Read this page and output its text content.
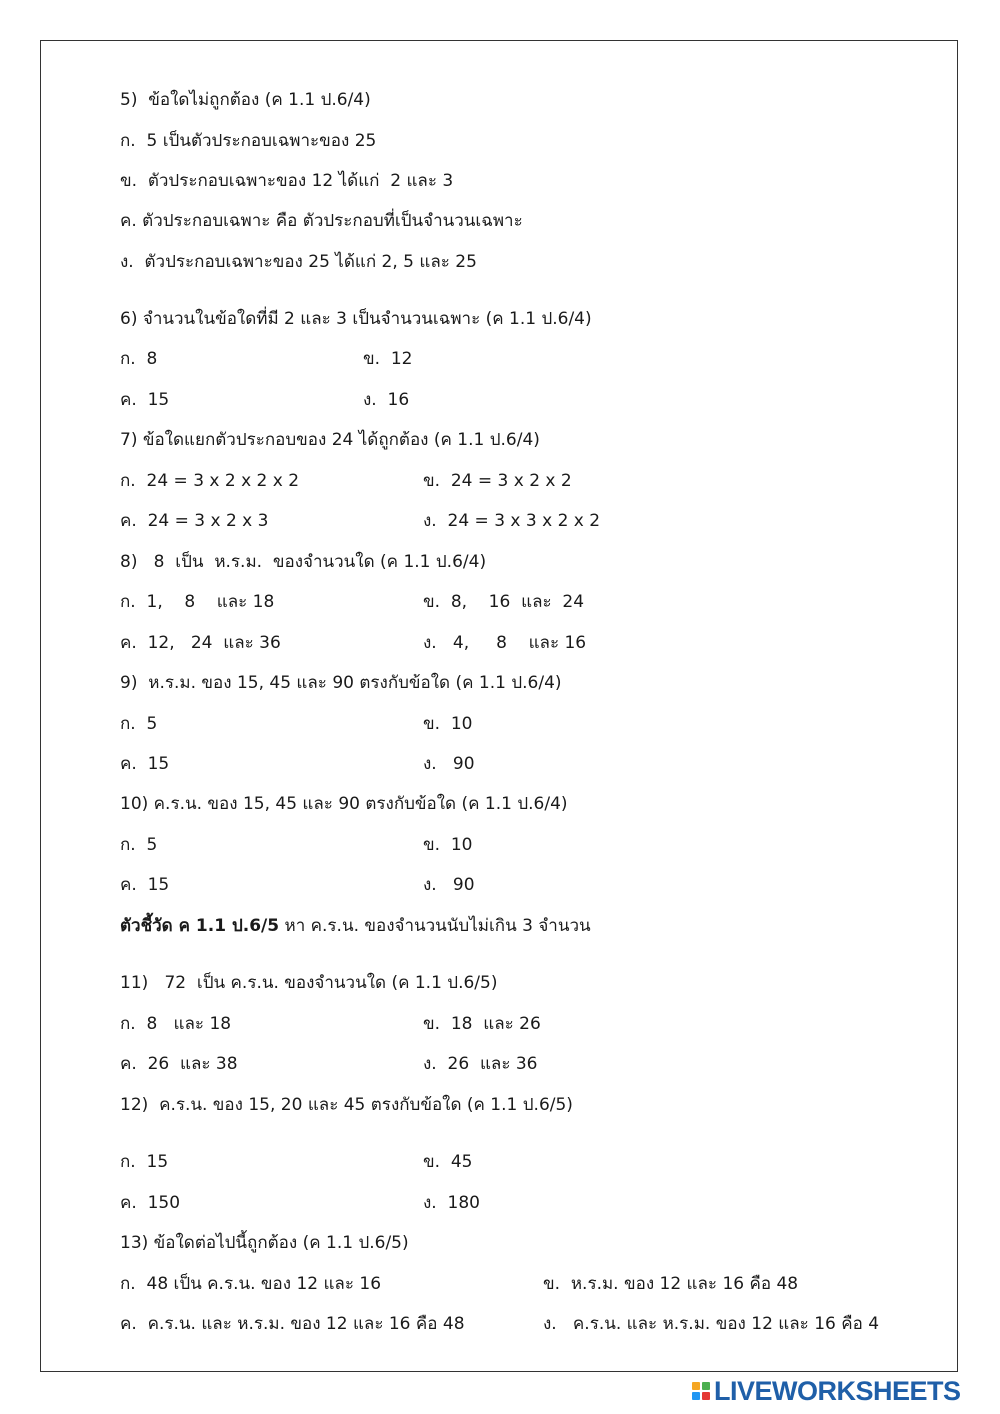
5)  ข้อใดไม่ถูกต้อง (ค 1.1 ป.6/4)
ก.  5 เป็นตัวประกอบเฉพาะของ 25
ข.  ตัวประกอบเฉพาะของ 12 ได้แก่  2 และ 3
ค. ตัวประกอบเฉพาะ คือ ตัวประกอบที่เป็นจำนวนเฉพาะ
ง.  ตัวประกอบเฉพาะของ 25 ได้แก่ 2, 5 และ 25
6) จำนวนในข้อใดที่มี 2 และ 3 เป็นจำนวนเฉพาะ (ค 1.1 ป.6/4)
ก.  8	ข.  12
ค.  15	ง.  16
7) ข้อใดแยกตัวประกอบของ 24 ได้ถูกต้อง (ค 1.1 ป.6/4)
ก.  24 = 3 x 2 x 2 x 2	ข.  24 = 3 x 2 x 2
ค.  24 = 3 x 2 x 3	ง.  24 = 3 x 3 x 2 x 2
8)   8  เป็น  ห.ร.ม.  ของจำนวนใด (ค 1.1 ป.6/4)
ก.  1,    8    และ 18	ข.  8,    16  และ  24
ค.  12,   24  และ 36	ง.   4,     8    และ 16
9)  ห.ร.ม. ของ 15, 45 และ 90 ตรงกับข้อใด (ค 1.1 ป.6/4)
ก.  5	ข.  10
ค.  15	ง.   90
10) ค.ร.น. ของ 15, 45 และ 90 ตรงกับข้อใด (ค 1.1 ป.6/4)
ก.  5	ข.  10
ค.  15	ง.   90
ตัวชี้วัด ค 1.1 ป.6/5 หา ค.ร.น. ของจำนวนนับไม่เกิน 3 จำนวน
11)   72  เป็น ค.ร.น. ของจำนวนใด (ค 1.1 ป.6/5)
ก.  8   และ 18	ข.  18  และ 26
ค.  26  และ 38	ง.  26  และ 36
12)  ค.ร.น. ของ 15, 20 และ 45 ตรงกับข้อใด (ค 1.1 ป.6/5)
ก.  15	ข.  45
ค.  150	ง.  180
13) ข้อใดต่อไปนี้ถูกต้อง (ค 1.1 ป.6/5)
ก.  48 เป็น ค.ร.น. ของ 12 และ 16	ข.  ห.ร.ม. ของ 12 และ 16 คือ 48
ค.  ค.ร.น. และ ห.ร.ม. ของ 12 และ 16 คือ 48	ง.   ค.ร.น. และ ห.ร.ม. ของ 12 และ 16 คือ 4
LIVEWORKSHEETS
